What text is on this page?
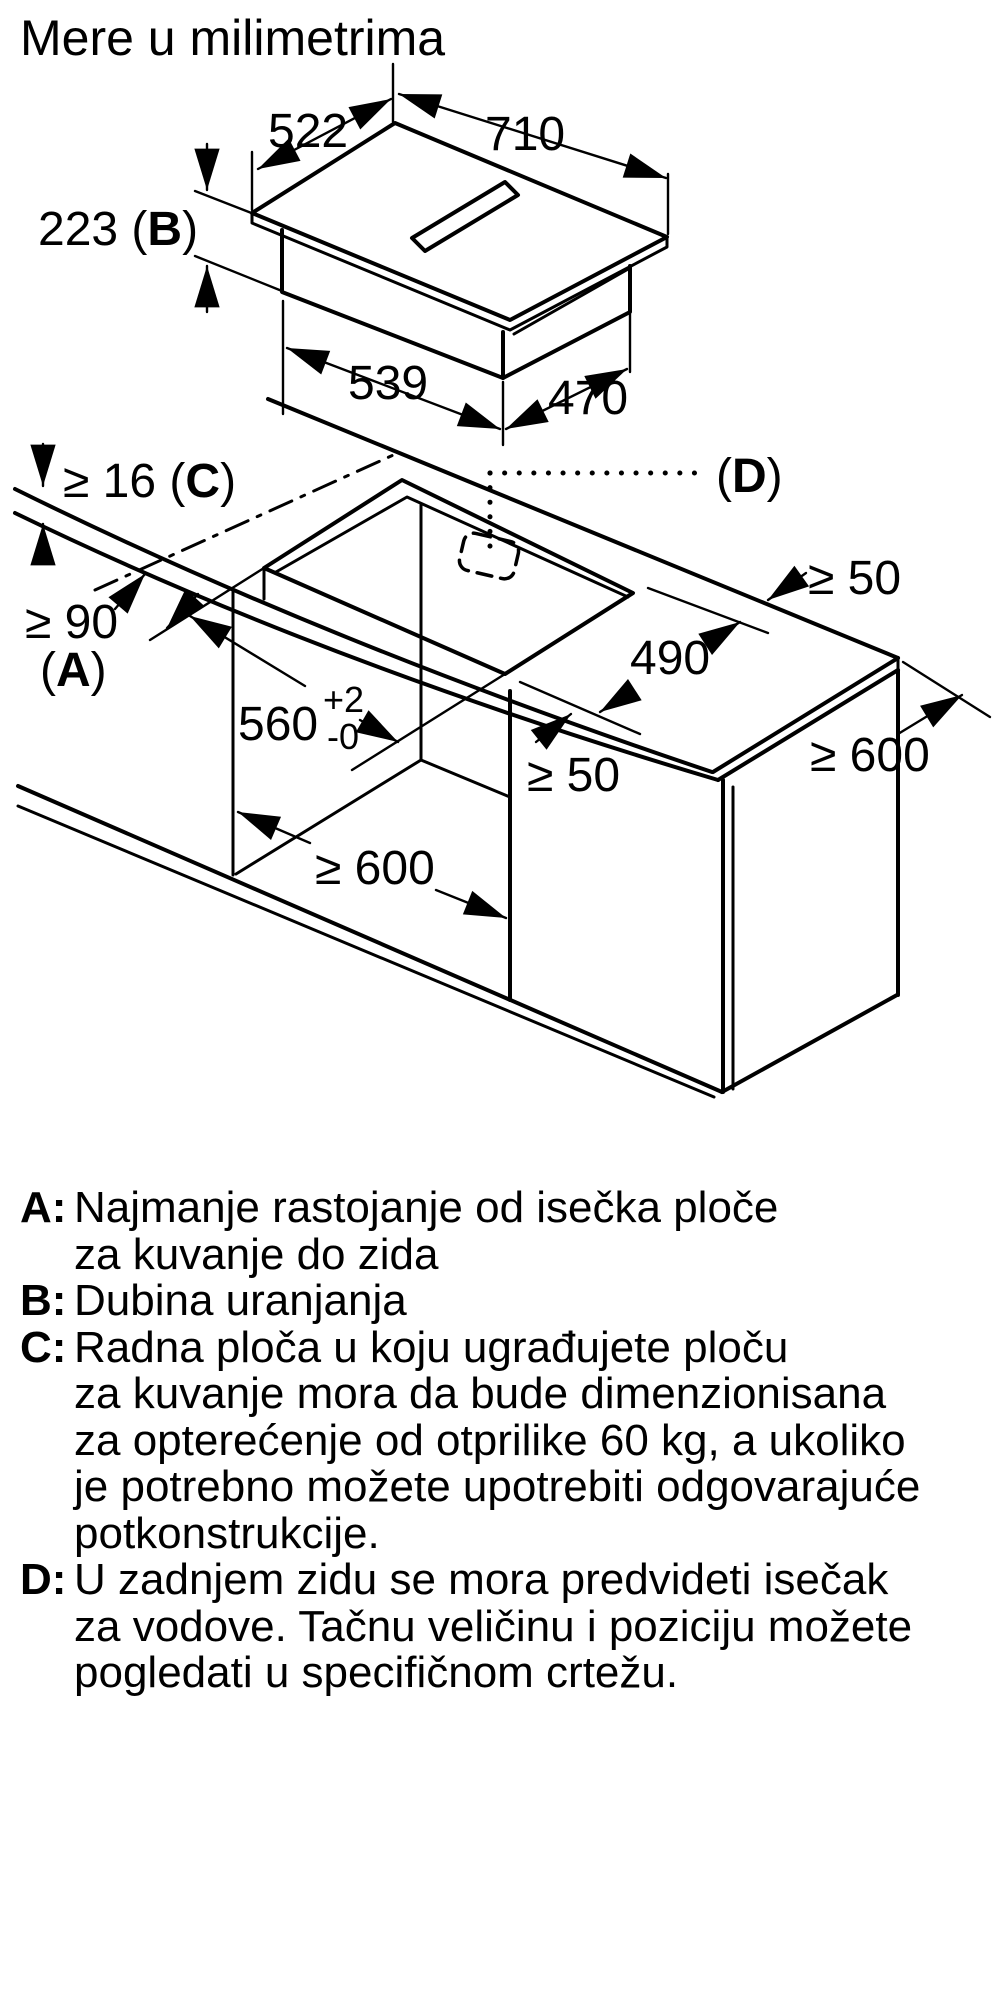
Mere u milimetrima
522	710
223 (B)
539 470
≥ 16 (C)
≥ 90
(A)
(D)
560 +2
-0
490
≥ 50
≥ 50
≥ 600
≥ 600
A: Najmanje rastojanje od isečka ploče
za kuvanje do zida
B: Dubina uranjanja
C: Radna ploča u koju ugrađujete ploču
za kuvanje mora da bude dimenzionisana
za opterećenje od otprilike 60 kg, a ukoliko
je potrebno možete upotrebiti odgovarajuće
potkonstrukcije.
D: U zadnjem zidu se mora predvideti isečak
za vodove. Tačnu veličinu i poziciju možete
pogledati u specifičnom crtežu.
